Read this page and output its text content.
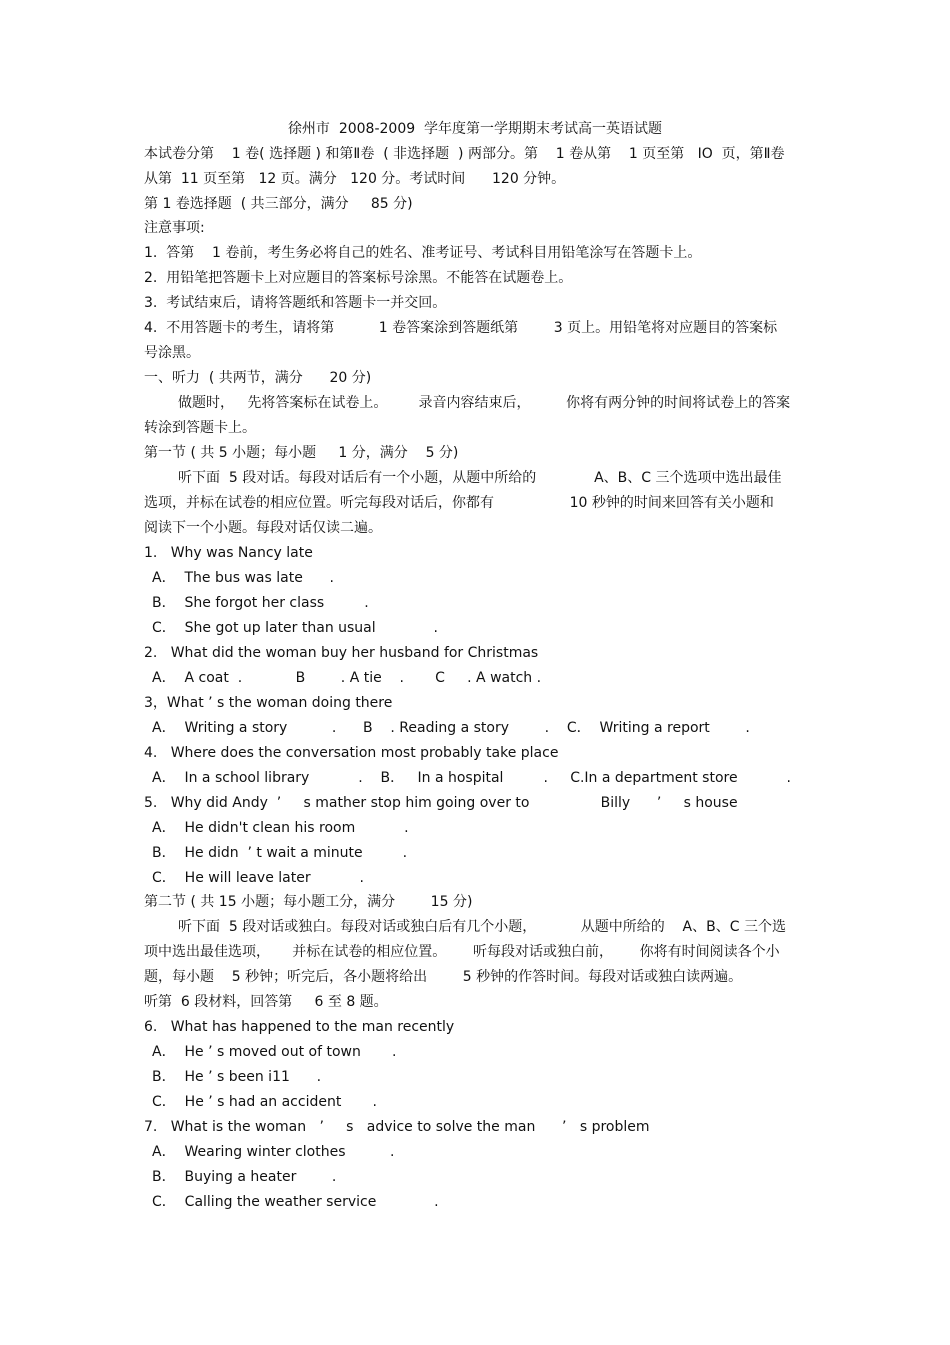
徐州市  2008-2009  学年度第一学期期末考试高一英语试题
本试卷分第    1 卷( 选择题 ) 和第Ⅱ卷  ( 非选择题  ) 两部分。第    1 卷从第    1 页至第   IO  页，第Ⅱ卷
从第  11 页至第   12 页。满分   120 分。考试时间      120 分钟。
第 1 卷选择题  ( 共三部分，满分     85 分)
注意事项:
1.  答第    1 卷前，考生务必将自己的姓名、准考证号、考试科目用铅笔涂写在答题卡上。
2.  用铅笔把答题卡上对应题目的答案标号涂黑。不能答在试题卷上。
3.  考试结束后，请将答题纸和答题卡一并交回。
4.  不用答题卡的考生，请将第          1 卷答案涂到答题纸第        3 页上。用铅笔将对应题目的答案标
号涂黑。
一、听力  ( 共两节，满分      20 分)
做题时，   先将答案标在试卷上。       录音内容结束后，        你将有两分钟的时间将试卷上的答案
转涂到答题卡上。
第一节 ( 共 5 小题；每小题     1 分，满分    5 分)
听下面  5 段对话。每段对话后有一个小题，从题中所给的             A、B、C 三个选项中选出最佳
选项，并标在试卷的相应位置。听完每段对话后，你都有                 10 秒钟的时间来回答有关小题和
阅读下一个小题。每段对话仅读二遍。
1.   Why was Nancy late
A．  The bus was late      .
B．  She forgot her class         .
C．  She got up later than usual             .
2.   What did the woman buy her husband for Christmas
A．  A coat  .            B        . A tie    .       C     . A watch .
3，What ’ s the woman doing there
A．  Writing a story          .      B    . Reading a story        .    C．  Writing a report        .
4.   Where does the conversation most probably take place
A．  In a school library           .    B．   In a hospital         .     C.In a department store           .
5.   Why did Andy  ’     s mather stop him going over to                Billy      ’     s house
A．  He didn't clean his room           .
B．  He didn  ’ t wait a minute         .
C．  He will leave later           .
第二节 ( 共 15 小题；每小题工分，满分        15 分)
听下面  5 段对话或独白。每段对话或独白后有几个小题，          从题中所给的    A、B、C 三个选
项中选出最佳选项，     并标在试卷的相应位置。      听每段对话或独白前，      你将有时间阅读各个小
题，每小题    5 秒钟；听完后，各小题将给出        5 秒钟的作答时间。每段对话或独白读两遍。
听第  6 段材料，回答第     6 至 8 题。
6.   What has happened to the man recently
A．  He ’ s moved out of town       .
B．  He ’ s been i11      .
C．  He ’ s had an accident       .
7.   What is the woman   ’     s   advice to solve the man      ’   s problem
A．  Wearing winter clothes          .
B．  Buying a heater        .
C．  Calling the weather service             .
